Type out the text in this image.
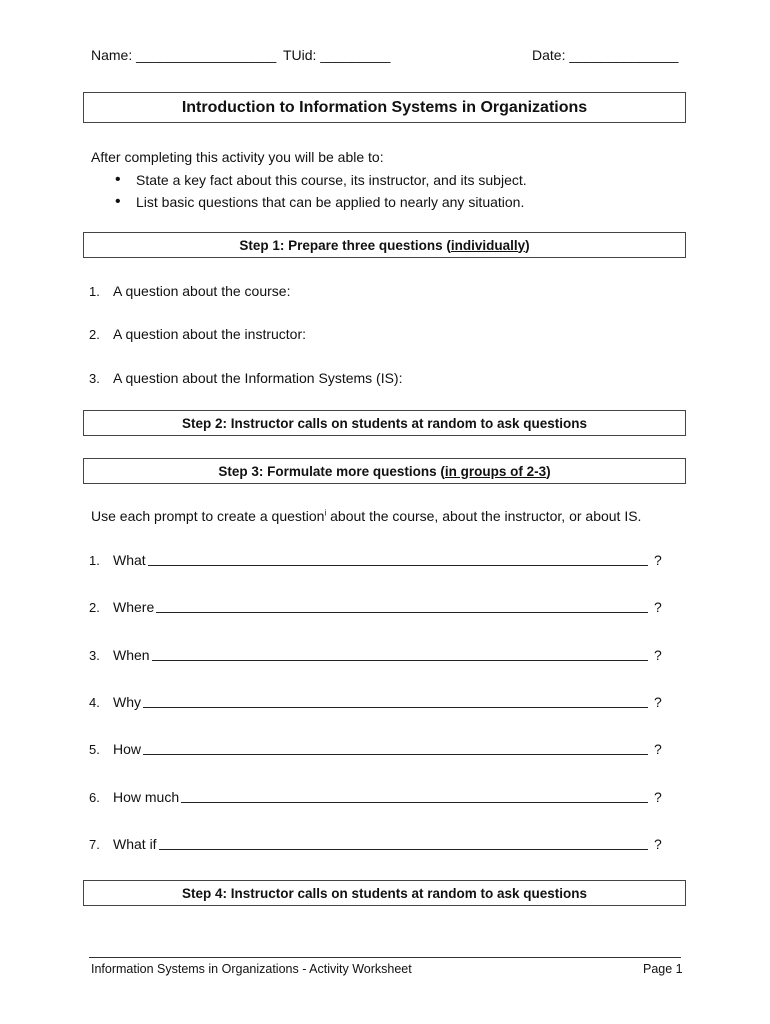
Name: __________________ TUid: _________	Date: ______________
Introduction to Information Systems in Organizations
After completing this activity you will be able to:
• State a key fact about this course, its instructor, and its subject.
• List basic questions that can be applied to nearly any situation.
Step 1: Prepare three questions ( individually )
1. A question about the course:
2. A question about the instructor:
3. A question about the Information Systems (IS):
Step 2: Instructor calls on students at random to ask questions
Step 3: Formulate more questions ( in groups of 2-3 )
Use each prompt to create a question$^i$ about the course, about the instructor, or about IS.
1. What	?
2. Where	?
3. When	?
4. Why	?
5. How	?
6. How much	?
7. What if	?
Step 4: Instructor calls on students at random to ask questions
Information Systems in Organizations - Activity Worksheet	Page 1
